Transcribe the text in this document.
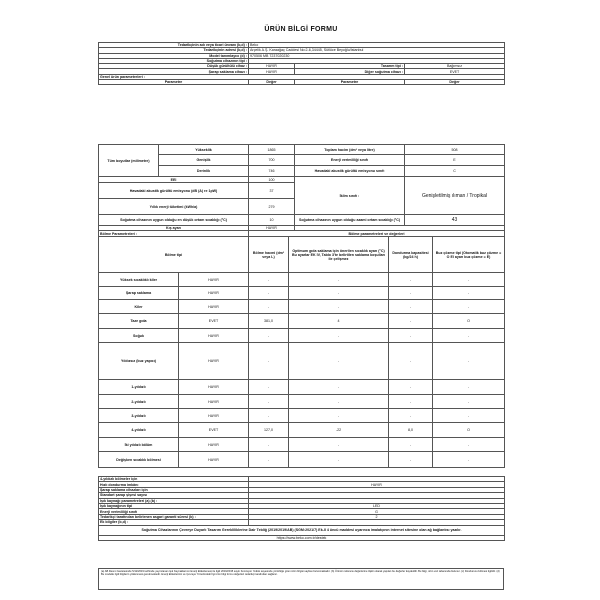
ÜRÜN BİLGİ FORMU
Tedarikçinin adı veya ticari ünvanı (b,d) :	Beko		
Tedarikçinin adresi (b,d) :	Arçelik A.Ş. Karaağaç Caddesi No:2-6,34445, Sütlüce Beyoğlu/İstanbul		
Model tanımlayıcı (d) :	970506 MB 7237020230		
Soğutma cihazının tipi :			
Düşük gürültülü cihaz :	HAYIR	Tasarım tipi :	Bağımsız
Şarap saklama cihazı :	HAYIR	Diğer soğutma cihazı :	EVET
Genel ürün parametreleri :			
Parametre	Değer	Parametre	Değer
Tüm boyutlar (milimetre)	Yükseklik	1865	Toplam hacim (dm³ veya litre)	508
	Genişlik	700	Enerji verimliliği sınıfı	E
	Derinlik	746	Havadaki akustik gürültü emisyonu sınıfı	C
EEI		100	İklim sınıfı :	Genişletilmiş ılıman / Tropikal
Havadaki akustik gürültü emisyonu (dB (A) re 1pW)		37		
Yıllık enerji tüketimi (kWh/a)		279		
Soğutma cihazının uygun olduğu en düşük ortam sıcaklığı (°C)		10	Soğutma cihazının uygun olduğu azami ortam sıcaklığı (°C)	43
Kış ayarı		HAYIR		
Bölme Parametreleri :		Bölme parametreleri ve değerleri			
Bölme tipi		Bölme hacmi (dm³ veya L)	Optimum gıda saklama için önerilen sıcaklık ayarı (°C) Bu ayarlar EK IV, Tablo 3'te belirtilen saklama koşulları ile çelişmez	Dondurma kapasitesi (kg/24 h)	Buz çözme tipi (Otomatik buz çözme = O El ayarı buz çözme = E)
Yüksek sıcaklıklı kiler	HAYIR	-	-	-	-
Şarap saklama	HAYIR	-	-	-	-
Kiler	HAYIR	-	-	-	-
Taze gıda	EVET	381,0	4	-	O
Soğuk	HAYIR	-	-	-	-
Yıldızsız (buz yapıcı)	HAYIR	-	-	-	-
1-yıldızlı	HAYIR	-	-	-	-
2-yıldızlı	HAYIR	-	-	-	-
3-yıldızlı	HAYIR	-	-	-	-
4-yıldızlı	EVET	127,0	-22	8,0	O
İki yıldızlı bölüm	HAYIR	-	-	-	-
Değişken sıcaklık bölmesi	HAYIR	-	-	-	-
4-yıldızlı bölmeler için	
Hızlı dondurma imkânı	HAYIR
Şarap saklama cihazları için	
Standart şarap şişesi sayısı	
Işık kaynağı parametreleri (a) (b) :	
Işık kaynağının tipi	LED
Enerji verimliliği sınıfı	G
Tedarikçi tarafından belirlenen asgari garanti süresi (b) :	2
Ek bilgiler (b,d) :	
Soğutma Cihazlarının Çevreye Duyarlı Tasarım Gerekliliklerine Dair Tebliğ (2019/2019/AB) (SGM:2021/7) Ek-II 4 üncü maddesi uyarınca imalatçının internet sitesine olan ağ bağlantısı yazılır.	
https://www.beko.com.tr/destek	
(a) AB Resmi Gazetesinde 5/12/2019 tarihinde yayımlanan Işık Kaynaklarının Enerji Etiketlemesi ile ilgili 2019/2015 sayılı Komisyon Yetkisi sayesinde yürürlüğe giren ürün bilgisi sayfası bulunmaktadır. (b) Ürünün referans değerlerine ilişkin olarak yapılan bu değerler kaydedilir. Bu bilgi, ürün veri tabanında bulunur. (c) Dondurucu bölmesi ilgilidir. (d) Bu modelle ilgili bilgilerin yüklenmesi gerekmektedir. Enerji Etiketlerinin ve Çevreye Yönelimdeki İlgi ürün bilgi formu değerleri tedarikçi tarafından sağlanır.
